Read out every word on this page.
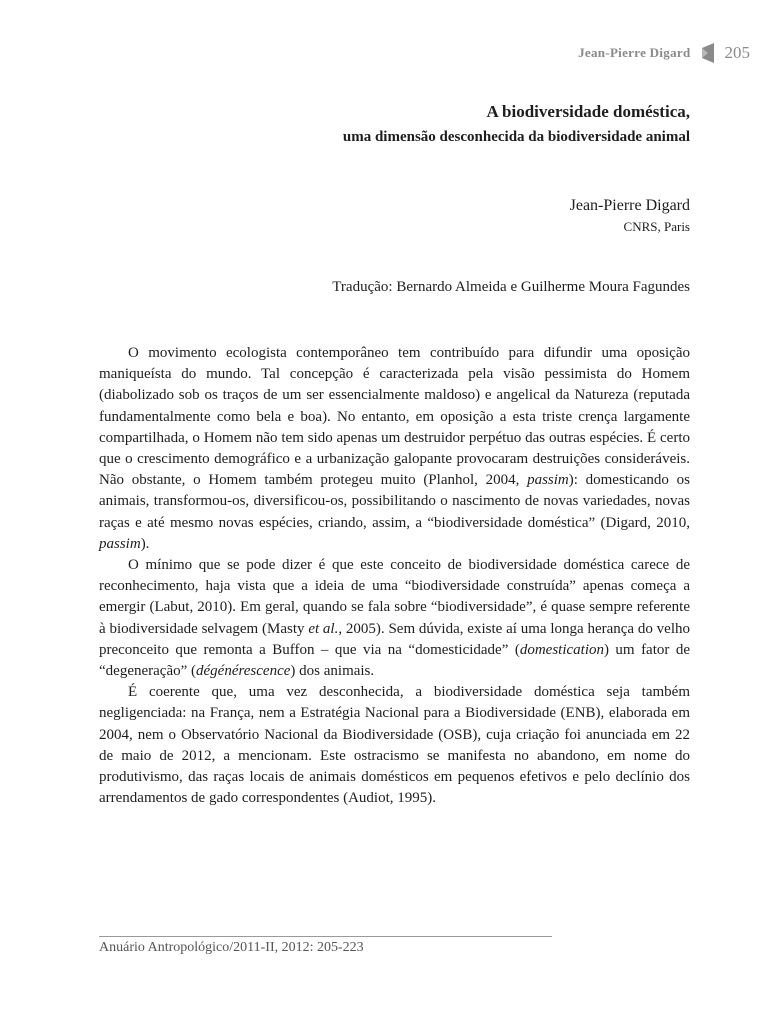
Jean-Pierre Digard 205
A biodiversidade doméstica,
uma dimensão desconhecida da biodiversidade animal
Jean-Pierre Digard
CNRS, Paris
Tradução: Bernardo Almeida e Guilherme Moura Fagundes

O movimento ecologista contemporâneo tem contribuído para difundir uma oposição maniqueísta do mundo. Tal concepção é caracterizada pela visão pessimista do Homem (diabolizado sob os traços de um ser essencialmente maldoso) e angelical da Natureza (reputada fundamentalmente como bela e boa). No entanto, em oposição a esta triste crença largamente compartilhada, o Homem não tem sido apenas um destruidor perpétuo das outras espécies. É certo que o crescimento demográfico e a urbanização galopante provocaram destruições consideráveis. Não obstante, o Homem também protegeu muito (Planhol, 2004, passim): domesticando os animais, transformou-os, diversificou-os, possibilitando o nascimento de novas variedades, novas raças e até mesmo novas espécies, criando, assim, a “biodiversidade doméstica” (Digard, 2010, passim).

O mínimo que se pode dizer é que este conceito de biodiversidade doméstica carece de reconhecimento, haja vista que a ideia de uma “biodiversidade construída” apenas começa a emergir (Labut, 2010). Em geral, quando se fala sobre “biodiversidade”, é quase sempre referente à biodiversidade selvagem (Masty et al., 2005). Sem dúvida, existe aí uma longa herança do velho preconceito que remonta a Buffon – que via na “domesticidade” (domestication) um fator de “degeneração” (dégénérescence) dos animais.

É coerente que, uma vez desconhecida, a biodiversidade doméstica seja também negligenciada: na França, nem a Estratégia Nacional para a Biodiversidade (ENB), elaborada em 2004, nem o Observatório Nacional da Biodiversidade (OSB), cuja criação foi anunciada em 22 de maio de 2012, a mencionam. Este ostracismo se manifesta no abandono, em nome do produtivismo, das raças locais de animais domésticos em pequenos efetivos e pelo declínio dos arrendamentos de gado correspondentes (Audiot, 1995).

Anuário Antropológico/2011-II, 2012: 205-223
